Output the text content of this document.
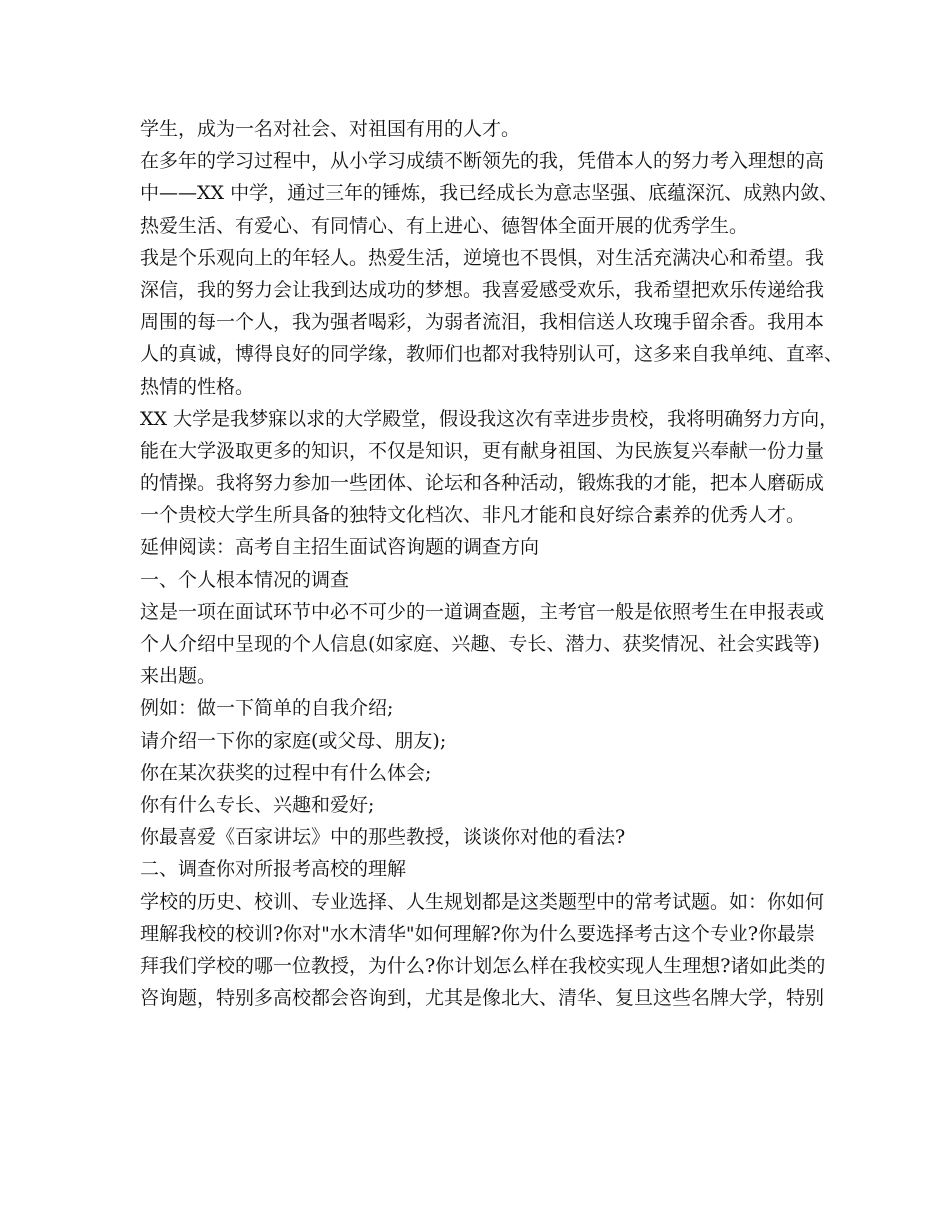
学生，成为一名对社会、对祖国有用的人才。
在多年的学习过程中，从小学习成绩不断领先的我，凭借本人的努力考入理想的高
中——XX 中学，通过三年的锤炼，我已经成长为意志坚强、底蕴深沉、成熟内敛、
热爱生活、有爱心、有同情心、有上进心、德智体全面开展的优秀学生。
我是个乐观向上的年轻人。热爱生活，逆境也不畏惧，对生活充满决心和希望。我
深信，我的努力会让我到达成功的梦想。我喜爱感受欢乐，我希望把欢乐传递给我
周围的每一个人，我为强者喝彩，为弱者流泪，我相信送人玫瑰手留余香。我用本
人的真诚，博得良好的同学缘，教师们也都对我特别认可，这多来自我单纯、直率、
热情的性格。
XX 大学是我梦寐以求的大学殿堂，假设我这次有幸进步贵校，我将明确努力方向，
能在大学汲取更多的知识，不仅是知识，更有献身祖国、为民族复兴奉献一份力量
的情操。我将努力参加一些团体、论坛和各种活动，锻炼我的才能，把本人磨砺成
一个贵校大学生所具备的独特文化档次、非凡才能和良好综合素养的优秀人才。
延伸阅读：高考自主招生面试咨询题的调查方向
一、个人根本情况的调查
这是一项在面试环节中必不可少的一道调查题，主考官一般是依照考生在申报表或
个人介绍中呈现的个人信息(如家庭、兴趣、专长、潜力、获奖情况、社会实践等)
来出题。
例如：做一下简单的自我介绍;
请介绍一下你的家庭(或父母、朋友);
你在某次获奖的过程中有什么体会;
你有什么专长、兴趣和爱好;
你最喜爱《百家讲坛》中的那些教授，谈谈你对他的看法?
二、调查你对所报考高校的理解
学校的历史、校训、专业选择、人生规划都是这类题型中的常考试题。如：你如何
理解我校的校训?你对"水木清华"如何理解?你为什么要选择考古这个专业?你最崇
拜我们学校的哪一位教授，为什么?你计划怎么样在我校实现人生理想?诸如此类的
咨询题，特别多高校都会咨询到，尤其是像北大、清华、复旦这些名牌大学，特别
